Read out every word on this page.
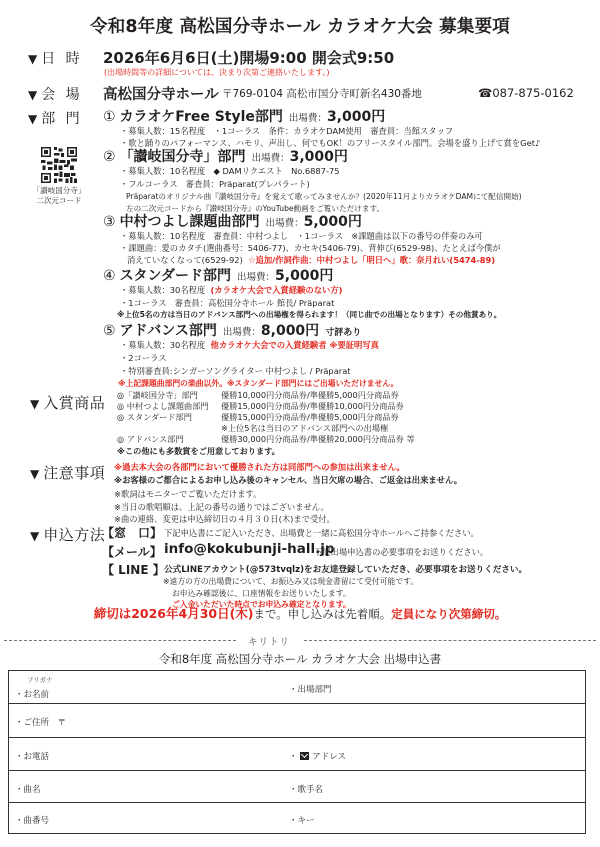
令和8年度 高松国分寺ホール カラオケ大会 募集要項
▼ 日 時 2026年6月6日(土)開場9:00 開会式9:50
(出場時間等の詳細については、決まり次第ご連絡いたします。)
▼ 会 場 高松国分寺ホール 〒769-0104 高松市国分寺町新名430番地	☎087-875-0162
▼ 部 門
「讃岐国分寺」
二次元コード
① カラオケFree Style部門 出場費：3,000円
・募集人数：15名程度　・1コーラス　条件：カラオケDAM使用　審査員：当館スタッフ
・歌と踊りのパフォーマンス、ハモリ、声出し、何でもOK！のフリースタイル部門。会場を盛り上げて賞をGet♪
② 「讃岐国分寺」部門 出場費：3,000円
・募集人数：10名程度　◆ DAMリクエスト　No.6887-75
・フルコーラス　審査員：Präparat(プレパラート)
Präparatのオリジナル曲『讃岐国分寺』を覚えて歌ってみませんか？(2020年11月よりカラオケDAMにて配信開始)
左の二次元コードから『讃岐国分寺』のYouTube動画をご覧いただけます。
③ 中村つよし課題曲部門 出場費：5,000円
・募集人数：10名程度　審査員：中村つよし　・1コーラス　※課題曲は以下の番号の伴奏のみ可
・課題曲：愛のカタチ(選曲番号：5406-77)、カセキ(5406-79)、背伸び(6529-98)、たとえば今僕が
消えていなくなって(6529-92) ☆追加/作詞作曲：中村つよし「明日へ」歌：奈月れい(5474-89)
④ スタンダード部門 出場費：5,000円
・募集人数：30名程度 (カラオケ大会で入賞経験のない方)
・1コーラス　審査員：高松国分寺ホール 館長/ Präparat
※上位5名の方は当日のアドバンス部門への出場権を得られます！（同じ曲での出場となります）その他賞あり。
⑤ アドバンス部門 出場費：8,000円 寸評あり
・募集人数：30名程度 他カラオケ大会での入賞経験者 ※要証明写真
・2コーラス
・特別審査員:シンガーソングライター 中村つよし / Präparat
※上記課題曲部門の楽曲以外。※スタンダード部門にはご出場いただけません。
▼ 入賞商品 ◎「讃岐国分寺」部門	優勝10,000円分商品券/準優勝5,000円分商品券
◎ 中村つよし課題曲部門 優勝15,000円分商品券/準優勝10,000円分商品券
◎ スタンダード部門	優勝15,000円分商品券/準優勝5,000円分商品券
※上位5名は当日のアドバンス部門への出場権
◎ アドバンス部門	優勝30,000円分商品券/準優勝20,000円分商品券 等
※この他にも多数賞をご用意しております。
▼ 注意事項 ※過去本大会の各部門において優勝された方は同部門への参加は出来ません。
※お客様のご都合によるお申し込み後のキャンセル、当日欠席の場合、ご返金は出来ません。
※歌詞はモニターでご覧いただけます。
※当日の歌唱順は、上記の番号の通りではございません。
※曲の連絡、変更は申込締切日の４月３０日(木)まで受付。
▼ 申込方法
【窓　口】 下記申込書にご記入いただき、出場費と一緒に高松国分寺ホールへご持参ください。
【メール】 info@kokubunji-hall.jp
下記出場申込書の必要事項をお送りください。
【 LINE 】 公式LINEアカウント(@573tvqlz)をお友達登録していただき、必要事項をお送りください。
※遠方の方の出場費について、お振込み又は現金書留にて受付可能です。
お申込み確認後に、口座情報をお送りいたします。
ご入金いただいた時点でお申込み確定となります。
締切は2026年4月30日(木)まで。申し込みは先着順。定員になり次第締切。
キリトリ
令和8年度 高松国分寺ホール カラオケ大会 出場申込書
フリガナ
・お名前	・出場部門
・ご住所　〒
・お電話	・ アドレス
・曲名	・歌手名
・曲番号	・キー
